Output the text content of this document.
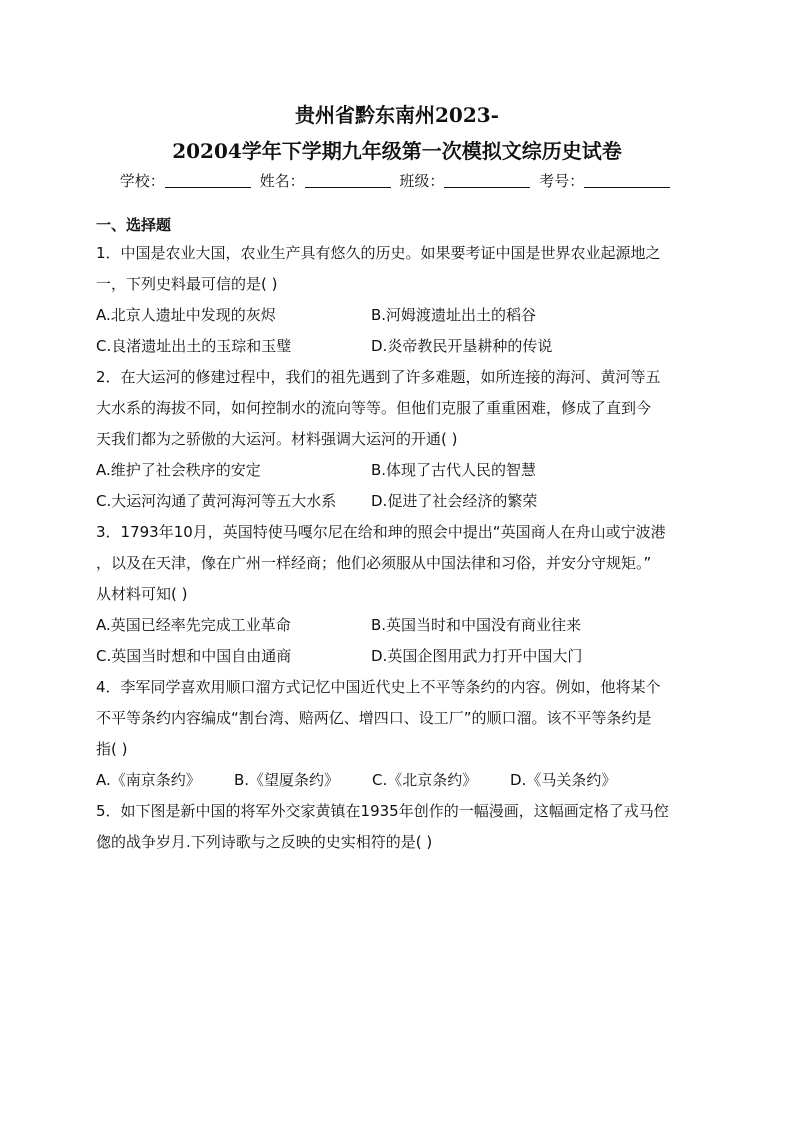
贵州省黔东南州2023-
20204学年下学期九年级第一次模拟文综历史试卷
学校：	姓名：	班级：	考号：
一、选择题
1．中国是农业大国，农业生产具有悠久的历史。如果要考证中国是世界农业起源地之
一，下列史料最可信的是( )
A.北京人遗址中发现的灰烬	B.河姆渡遗址出土的稻谷
C.良渚遗址出土的玉琮和玉璧	D.炎帝教民开垦耕种的传说
2．在大运河的修建过程中，我们的祖先遇到了许多难题，如所连接的海河、黄河等五
大水系的海拔不同，如何控制水的流向等等。但他们克服了重重困难，修成了直到今
天我们都为之骄傲的大运河。材料强调大运河的开通( )
A.维护了社会秩序的安定	B.体现了古代人民的智慧
C.大运河沟通了黄河海河等五大水系	D.促进了社会经济的繁荣
3．1793年10月，英国特使马嘎尔尼在给和珅的照会中提出“英国商人在舟山或宁波港
，以及在天津，像在广州一样经商；他们必须服从中国法律和习俗，并安分守规矩。”
从材料可知( )
A.英国已经率先完成工业革命	B.英国当时和中国没有商业往来
C.英国当时想和中国自由通商	D.英国企图用武力打开中国大门
4．李军同学喜欢用顺口溜方式记忆中国近代史上不平等条约的内容。例如，他将某个
不平等条约内容编成“割台湾、赔两亿、增四口、设工厂”的顺口溜。该不平等条约是
指( )
A.《南京条约》	B.《望厦条约》	C.《北京条约》	D.《马关条约》
5．如下图是新中国的将军外交家黄镇在1935年创作的一幅漫画，这幅画定格了戎马倥
偬的战争岁月.下列诗歌与之反映的史实相符的是( )
